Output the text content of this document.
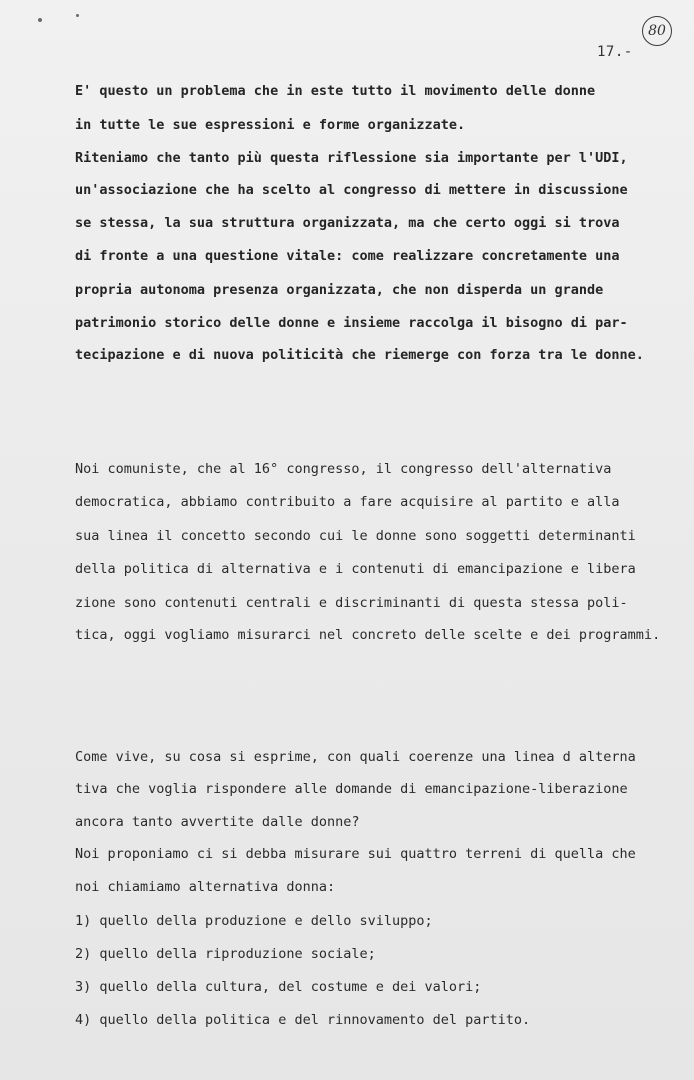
17.-
80
E' questo un problema che in este tutto il movimento delle donne
in tutte le sue espressioni e forme organizzate.
Riteniamo che tanto più questa riflessione sia importante per l'UDI,
un'associazione che ha scelto al congresso di mettere in discussione
se stessa, la sua struttura organizzata, ma che certo oggi si trova
di fronte a una questione vitale: come realizzare concretamente una
propria autonoma presenza organizzata, che non disperda un grande
patrimonio storico delle donne e insieme raccolga il bisogno di par-
tecipazione e di nuova politicità che riemerge con forza tra le donne.
Noi comuniste, che al 16° congresso, il congresso dell'alternativa
democratica, abbiamo contribuito a fare acquisire al partito e alla
sua linea il concetto secondo cui le donne sono soggetti determinanti
della politica di alternativa e i contenuti di emancipazione e libera
zione sono contenuti centrali e discriminanti di questa stessa poli-
tica, oggi vogliamo misurarci nel concreto delle scelte e dei programmi.
Come vive, su cosa si esprime, con quali coerenze una linea d alterna
tiva che voglia rispondere alle domande di emancipazione-liberazione
ancora tanto avvertite dalle donne?
Noi proponiamo ci si debba misurare sui quattro terreni di quella che
noi chiamiamo alternativa donna:
1) quello della produzione e dello sviluppo;
2) quello della riproduzione sociale;
3) quello della cultura, del costume e dei valori;
4) quello della politica e del rinnovamento del partito.
